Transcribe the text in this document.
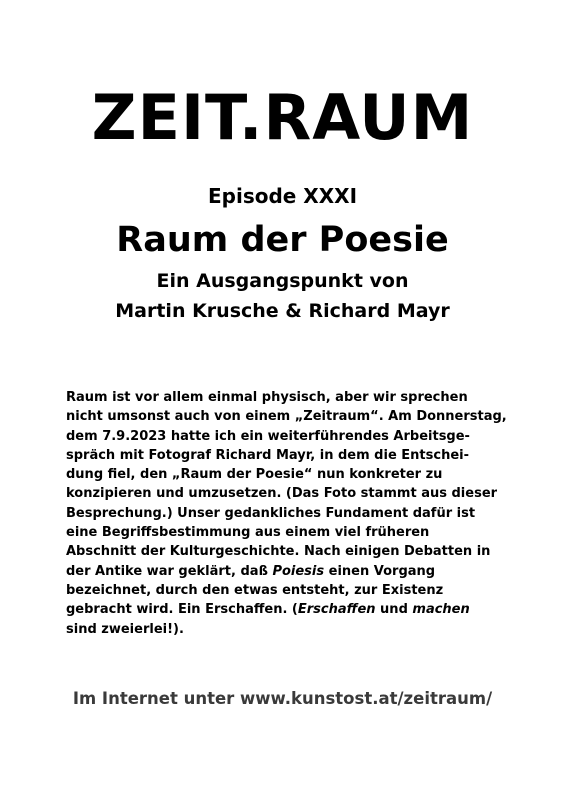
ZEIT.RAUM
Episode XXXI
Raum der Poesie
Ein Ausgangspunkt von
Martin Krusche & Richard Mayr
Raum ist vor allem einmal physisch, aber wir sprechen
nicht umsonst auch von einem „Zeitraum“. Am Donnerstag,
dem 7.9.2023 hatte ich ein weiterführendes Arbeitsge-
spräch mit Fotograf Richard Mayr, in dem die Entschei-
dung fiel, den „Raum der Poesie“ nun konkreter zu
konzipieren und umzusetzen. (Das Foto stammt aus dieser
Besprechung.) Unser gedankliches Fundament dafür ist
eine Begriffsbestimmung aus einem viel früheren
Abschnitt der Kulturgeschichte. Nach einigen Debatten in
der Antike war geklärt, daß Poiesis einen Vorgang
bezeichnet, durch den etwas entsteht, zur Existenz
gebracht wird. Ein Erschaffen. (Erschaffen und machen
sind zweierlei!).
Im Internet unter www.kunstost.at/zeitraum/
